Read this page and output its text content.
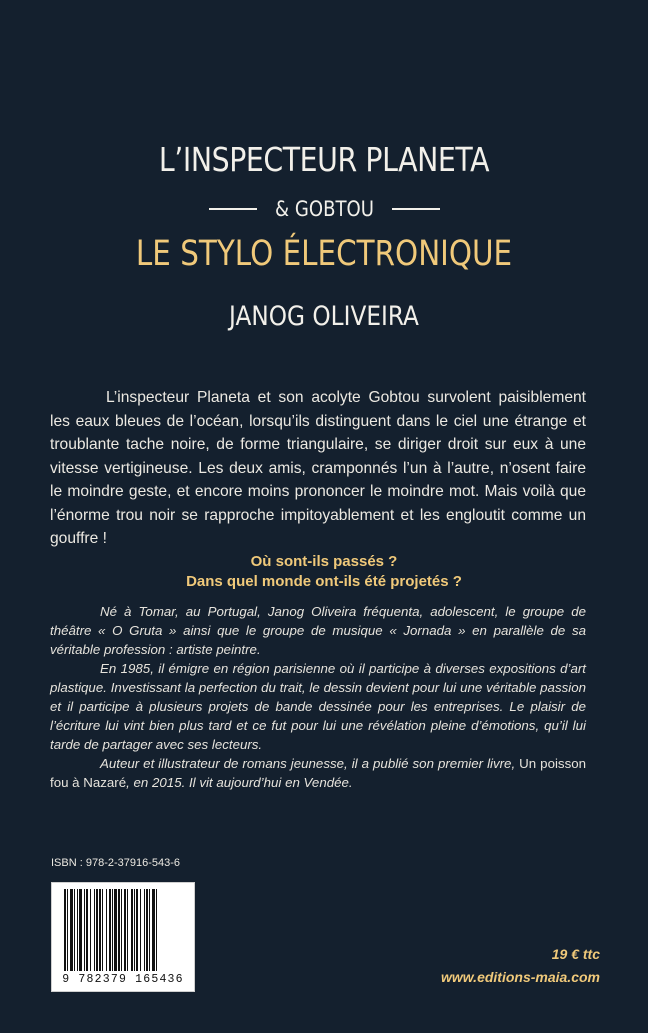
L’INSPECTEUR PLANETA
& GOBTOU
LE STYLO ÉLECTRONIQUE
JANOG OLIVEIRA

L’inspecteur Planeta et son acolyte Gobtou survolent paisiblement les eaux bleues de l’océan, lorsqu’ils distinguent dans le ciel une étrange et troublante tache noire, de forme triangulaire, se diriger droit sur eux à une vitesse vertigineuse. Les deux amis, cramponnés l’un à l’autre, n’osent faire le moindre geste, et encore moins prononcer le moindre mot. Mais voilà que l’énorme trou noir se rapproche impitoyablement et les engloutit comme un gouffre !

Où sont-ils passés ?
Dans quel monde ont-ils été projetés ?

Né à Tomar, au Portugal, Janog Oliveira fréquenta, adolescent, le groupe de théâtre « O Gruta » ainsi que le groupe de musique « Jornada » en parallèle de sa véritable profession : artiste peintre.

En 1985, il émigre en région parisienne où il participe à diverses expositions d’art plastique. Investissant la perfection du trait, le dessin devient pour lui une véritable passion et il participe à plusieurs projets de bande dessinée pour les entreprises. Le plaisir de l’écriture lui vint bien plus tard et ce fut pour lui une révélation pleine d’émotions, qu’il lui tarde de partager avec ses lecteurs.

Auteur et illustrateur de romans jeunesse, il a publié son premier livre, Un poisson fou à Nazaré, en 2015. Il vit aujourd’hui en Vendée.

ISBN : 978-2-37916-543-6
9 782379 165436
19 € ttc
www.editions-maia.com
